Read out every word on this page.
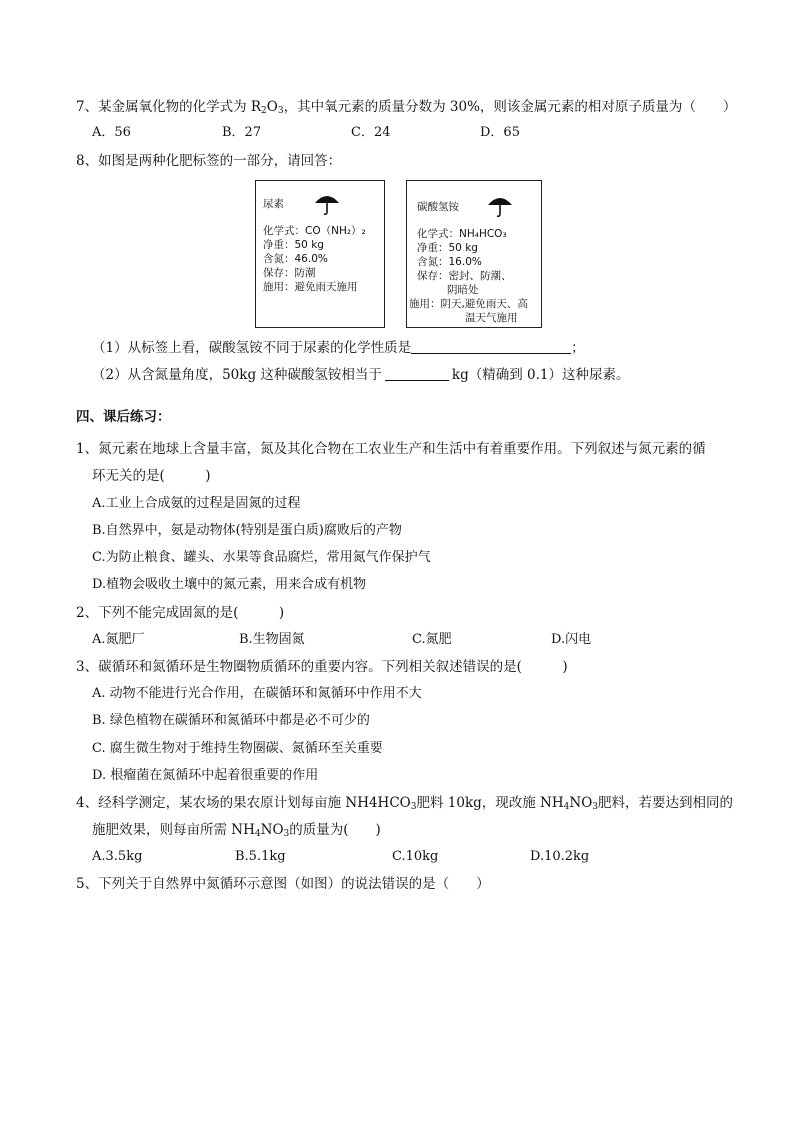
7、某金属氧化物的化学式为 $R_2O_3$，其中氧元素的质量分数为 30%，则该金属元素的相对原子质量为（　　）
A．56	B．27	C．24	D．65
8、如图是两种化肥标签的一部分，请回答：
尿素
化学式：CO（NH₂）₂
净重：50 kg
含氮：46.0%
保存：防潮
施用：避免雨天施用
碳酸氢铵
化学式：NH₄HCO₃
净重：50 kg
含氮：16.0%
保存：密封、防潮、
阴暗处
施用：阴天,避免雨天、高
温天气施用
（1）从标签上看，碳酸氢铵不同于尿素的化学性质是	；
（2）从含氮量角度，50kg 这种碳酸氢铵相当于	kg（精确到 0.1）这种尿素。
四、课后练习：
1、氮元素在地球上含量丰富，氮及其化合物在工农业生产和生活中有着重要作用。下列叙述与氮元素的循
环无关的是(　　　)
A.工业上合成氨的过程是固氮的过程
B.自然界中，氨是动物体(特别是蛋白质)腐败后的产物
C.为防止粮食、罐头、水果等食品腐烂，常用氮气作保护气
D.植物会吸收土壤中的氮元素，用来合成有机物
2、下列不能完成固氮的是(　　　)
A.氮肥厂	B.生物固氮	C.氮肥	D.闪电
3、碳循环和氮循环是生物圈物质循环的重要内容。下列相关叙述错误的是(　　　)
A. 动物不能进行光合作用，在碳循环和氮循环中作用不大
B. 绿色植物在碳循环和氮循环中都是必不可少的
C. 腐生微生物对于维持生物圈碳、氮循环至关重要
D. 根瘤菌在氮循环中起着很重要的作用
4、经科学测定，某农场的果农原计划每亩施 $NH4HCO_3$肥料 10kg，现改施 $NH_4NO_3$肥料，若要达到相同的
施肥效果，则每亩所需 $NH_4NO_3$的质量为(　　)
A.3.5kg	B.5.1kg	C.10kg	D.10.2kg
5、下列关于自然界中氮循环示意图（如图）的说法错误的是（　　）
